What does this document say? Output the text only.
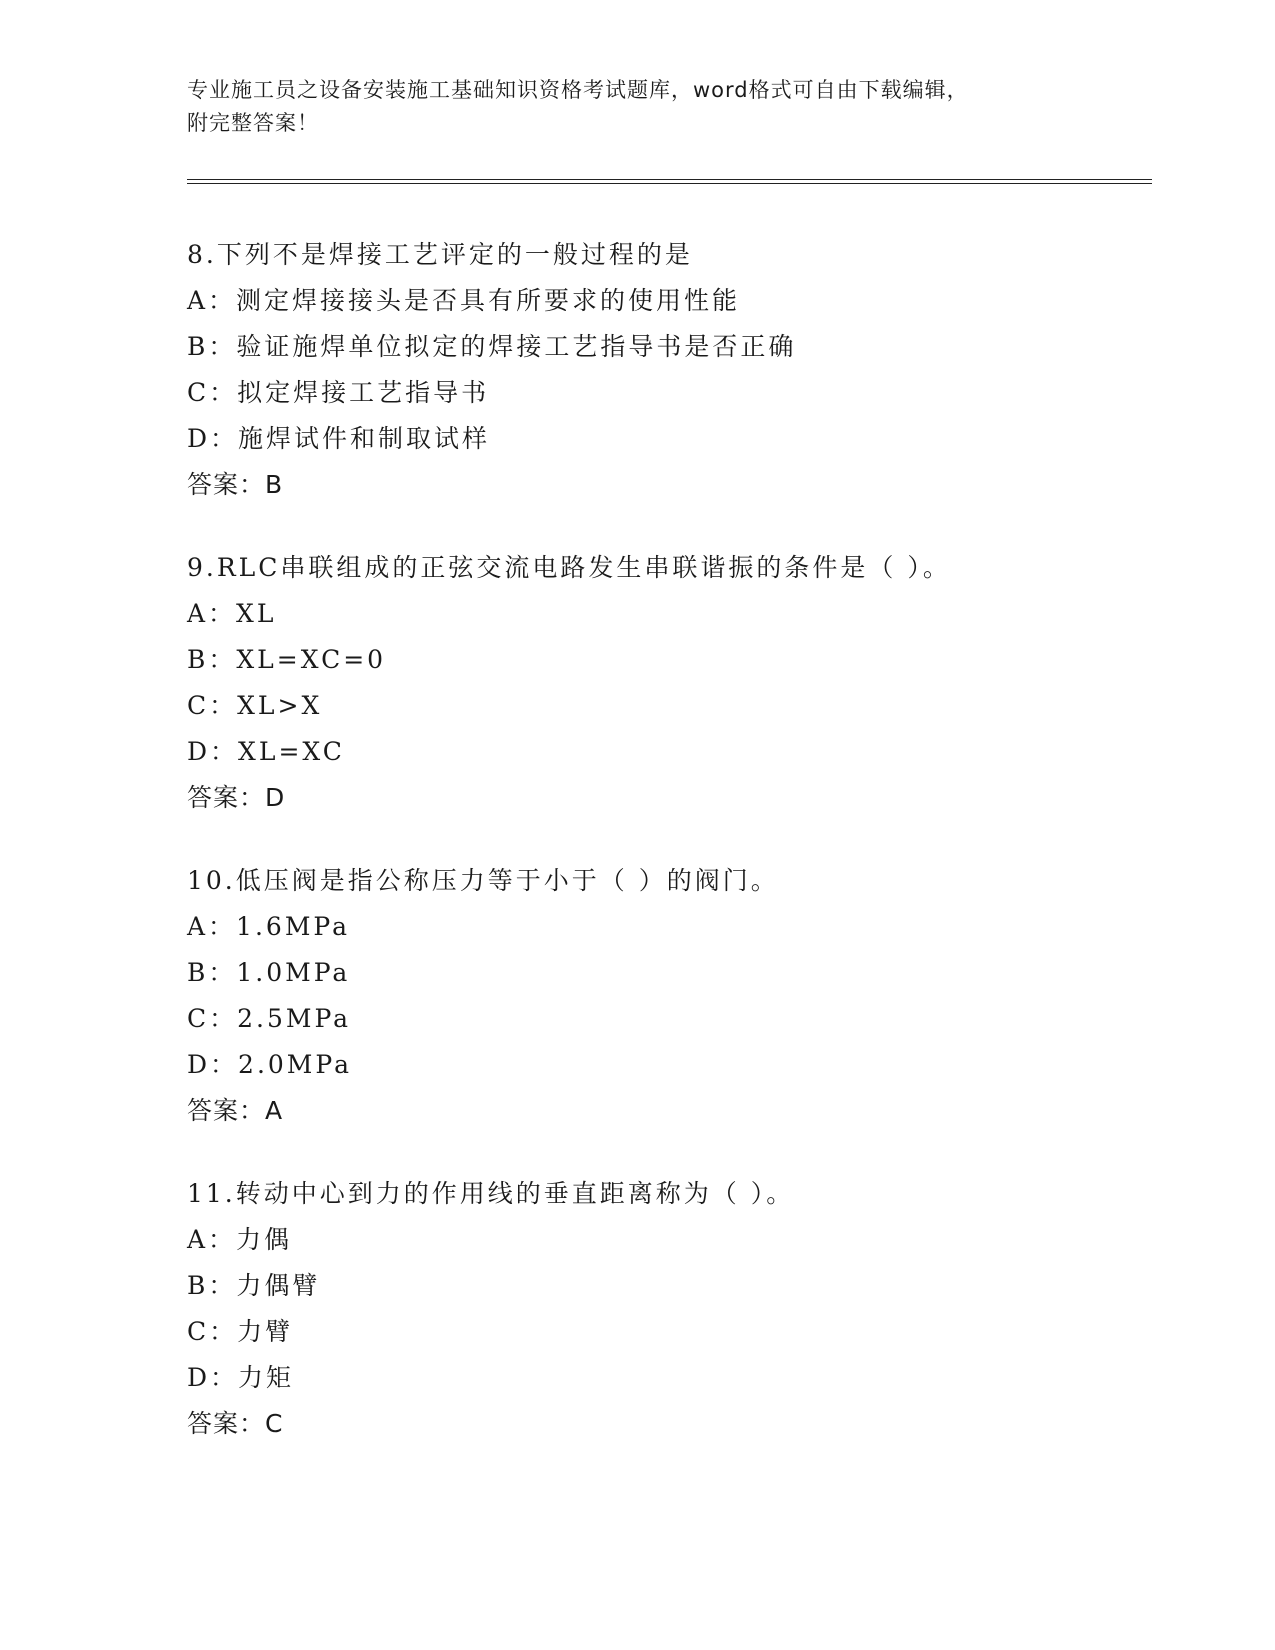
专业施工员之设备安装施工基础知识资格考试题库，word格式可自由下载编辑，
附完整答案！
8.下列不是焊接工艺评定的一般过程的是
A：测定焊接接头是否具有所要求的使用性能
B：验证施焊单位拟定的焊接工艺指导书是否正确
C：拟定焊接工艺指导书
D：施焊试件和制取试样
答案：B
9.RLC串联组成的正弦交流电路发生串联谐振的条件是（ ）。
A：XL
B：XL=XC=0
C：XL>X
D：XL=XC
答案：D
10.低压阀是指公称压力等于小于（ ）的阀门。
A：1.6MPa
B：1.0MPa
C：2.5MPa
D：2.0MPa
答案：A
11.转动中心到力的作用线的垂直距离称为（ ）。
A：力偶
B：力偶臂
C：力臂
D：力矩
答案：C
